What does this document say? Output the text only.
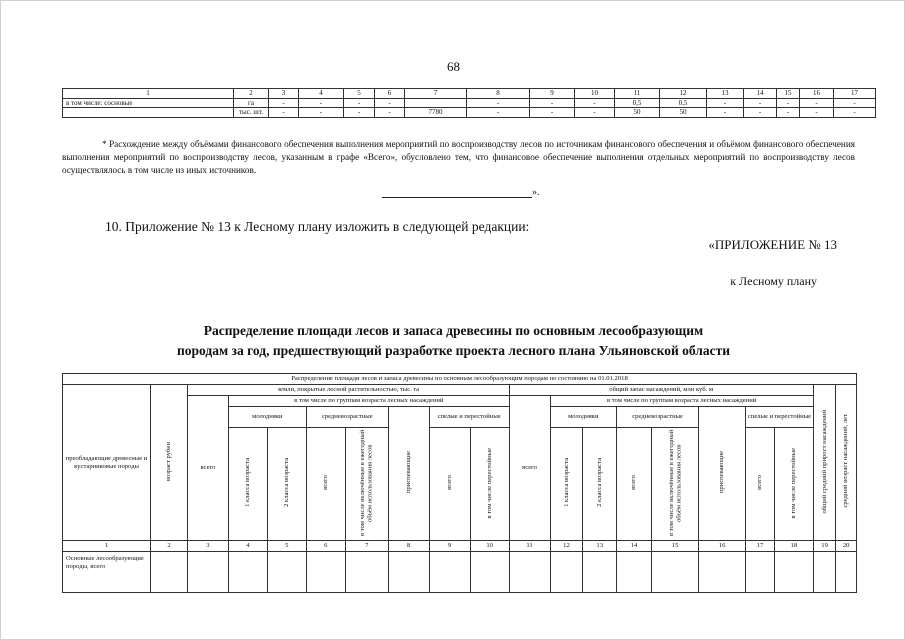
68
1	2	3	4	5	6	7	8	9	10	11	12	13	14	15	16	17
в том числе: сосновые	га	-	-	-	-		-	-	-	0,5	0,5	-	-	-	-	-
	тыс. шт.	-	-	-	-	7780	-	-	-	50	50	-	-	-	-	-

* Расхождение между объёмами финансового обеспечения выполнения мероприятий по воспроизводству лесов по источникам финансового обеспечения и объёмом финансового обеспечения выполнения мероприятий по воспроизводству лесов, указанным в графе «Всего», обусловлено тем, что финансовое обеспечение выполнения отдельных мероприятий по воспроизводству лесов осуществлялось в том числе из иных источников.

».
10. Приложение № 13 к Лесному плану изложить в следующей редакции:
«ПРИЛОЖЕНИЕ № 13
к Лесному плану
Распределение площади лесов и запаса древесины по основным лесообразующим
породам за год, предшествующий разработке проекта лесного плана Ульяновской области
Распределение площади лесов и запаса древесины по основным лесообразующим породам по состоянию на 01.01.2018																			
преобладающие древесные и кустарниковые породы	возраст рубки	земли, покрытые лесной растительностью, тыс. га								общий запас насаждений, млн куб. м								общий средний прирост насаждений	средний возраст насаждений, лет
		всего	в том числе по группам возраста лесных насаждений							всего	в том числе по группам возраста лесных насаждений								
			молодняки		средневозрастные		приспевающие	спелые и перестойные			молодняки		средневозрастные		приспевающие	спелые и перестойные			
								всего	в том числе перестойные							всего	в том числе перестойные		
			1 класса возраста	2 класса возраста	всего	в том числе включённые в ежегодный объём использования лесов					1 класса возраста	2 класса возраста	всего	в том числе включённые в ежегодный объём использования лесов					
1	2	3	4	5	6	7	8	9	10	11	12	13	14	15	16	17	18	19	20
Основные лесообразующие породы, всего																			
